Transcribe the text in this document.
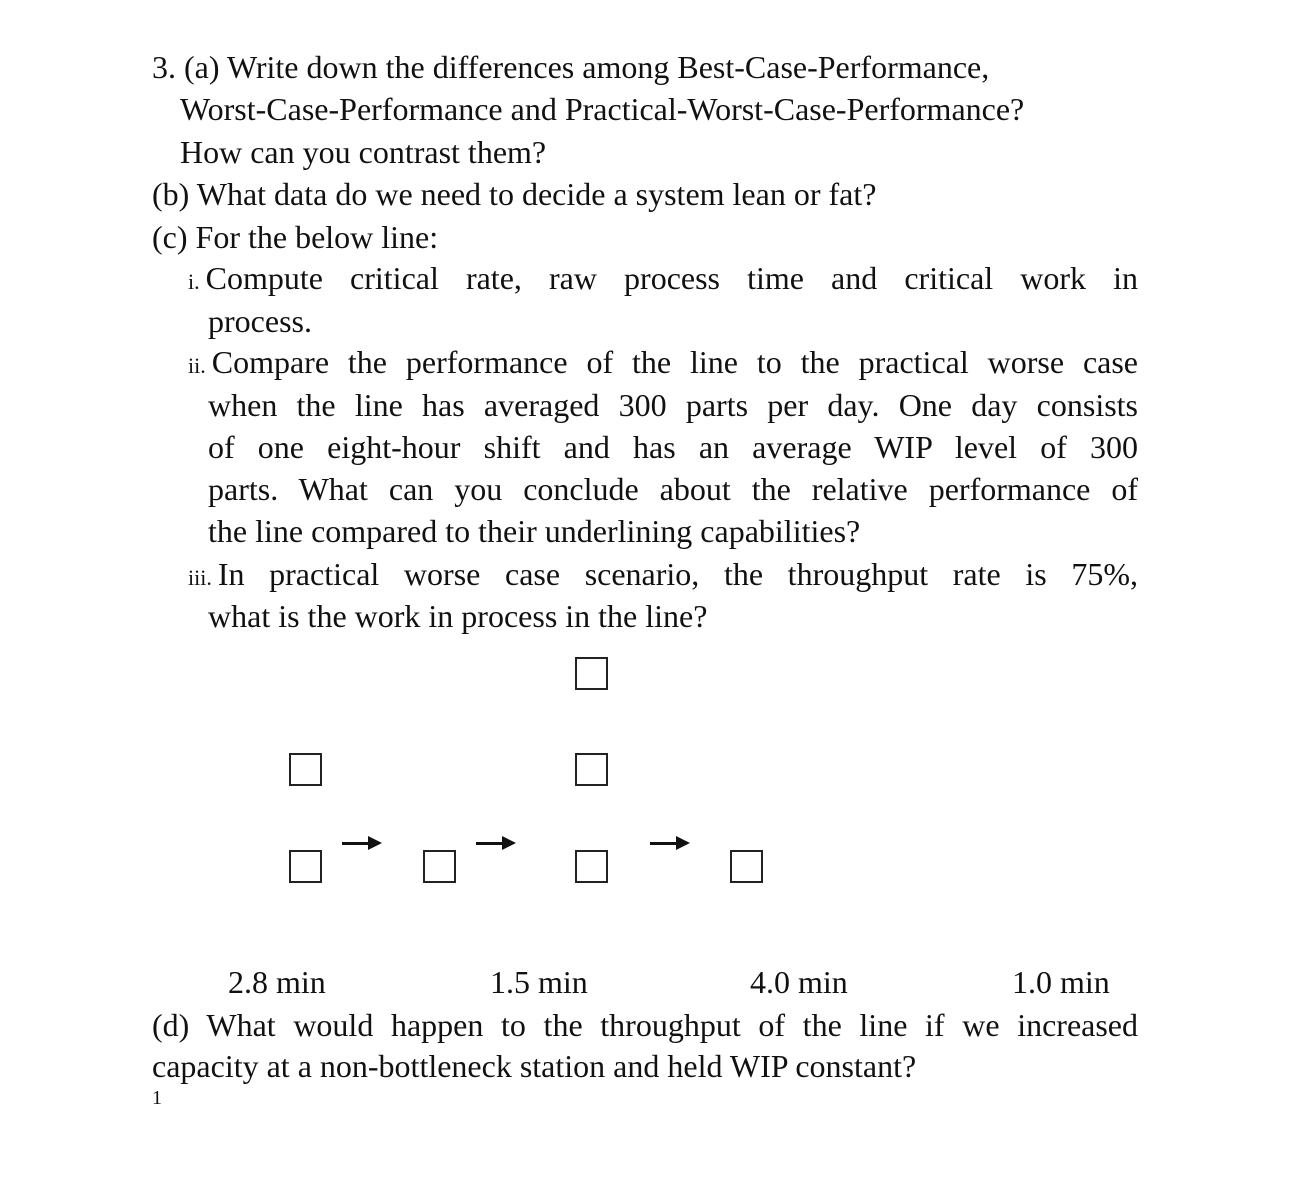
3. (a) Write down the differences among Best-Case-Performance,
Worst-Case-Performance and Practical-Worst-Case-Performance?
How can you contrast them?
(b) What data do we need to decide a system lean or fat?
(c) For the below line:
i. Compute critical rate, raw process time and critical work in
process.
ii. Compare the performance of the line to the practical worse case
when the line has averaged 300 parts per day. One day consists
of one eight-hour shift and has an average WIP level of 300
parts. What can you conclude about the relative performance of
the line compared to their underlining capabilities?
iii. In practical worse case scenario, the throughput rate is 75%,
what is the work in process in the line?
2.8 min	1.5 min	4.0 min	1.0 min
(d) What would happen to the throughput of the line if we increased
capacity at a non-bottleneck station and held WIP constant?
1
